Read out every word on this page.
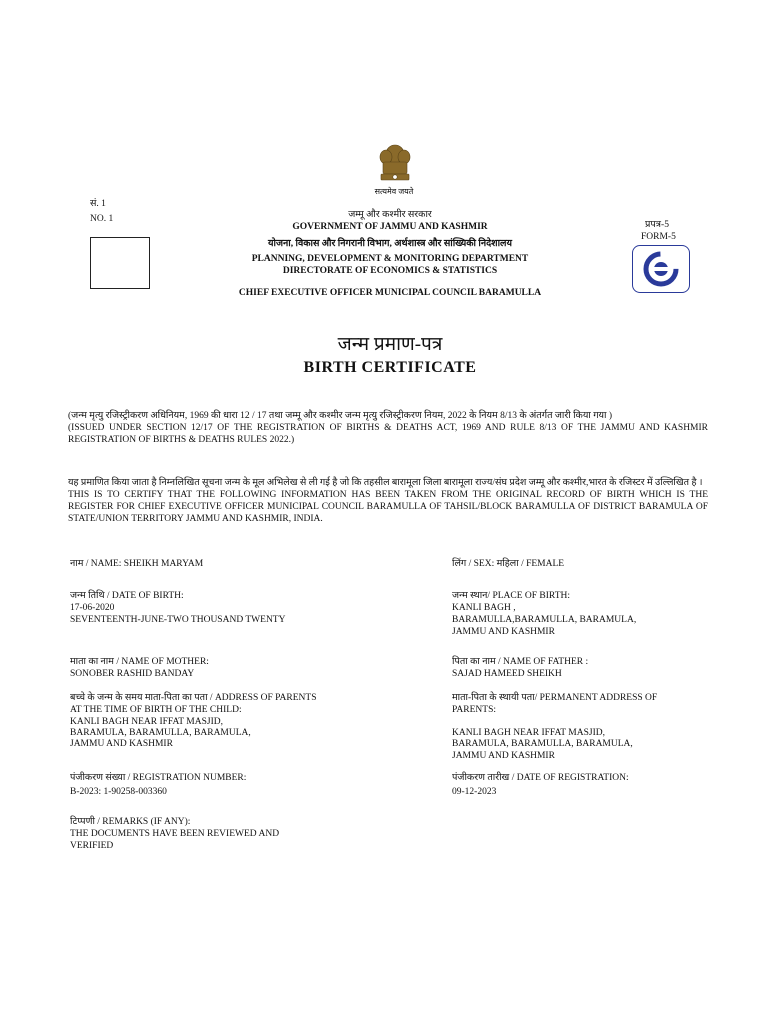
सत्यमेव जयते
सं. 1
NO. 1	जम्मू और कश्मीर सरकार
GOVERNMENT OF JAMMU AND KASHMIR
योजना, विकास और निगरानी विभाग, अर्थशास्त्र और सांख्यिकी निदेशालय
PLANNING, DEVELOPMENT & MONITORING DEPARTMENT
DIRECTORATE OF ECONOMICS & STATISTICS
प्रपत्र-5
FORM-5
CHIEF EXECUTIVE OFFICER MUNICIPAL COUNCIL BARAMULLA
जन्म प्रमाण-पत्र
BIRTH CERTIFICATE
(जन्म मृत्यु रजिस्ट्रीकरण अधिनियम, 1969 की धारा 12 / 17 तथा जम्मू और कश्मीर जन्म मृत्यु रजिस्ट्रीकरण नियम, 2022 के नियम 8/13 के अंतर्गत जारी किया गया )
(ISSUED UNDER SECTION 12/17 OF THE REGISTRATION OF BIRTHS & DEATHS ACT, 1969 AND RULE 8/13 OF THE JAMMU AND KASHMIR REGISTRATION OF BIRTHS & DEATHS RULES 2022.)
यह प्रमाणित किया जाता है निम्नलिखित सूचना जन्म के मूल अभिलेख से ली गई है जो कि तहसील बारामूला जिला बारामूला राज्य/संघ प्रदेश जम्मू और कश्मीर,भारत के रजिस्टर में उल्लिखित है ।
THIS IS TO CERTIFY THAT THE FOLLOWING INFORMATION HAS BEEN TAKEN FROM THE ORIGINAL RECORD OF BIRTH WHICH IS THE REGISTER FOR CHIEF EXECUTIVE OFFICER MUNICIPAL COUNCIL BARAMULLA OF TAHSIL/BLOCK BARAMULLA OF DISTRICT BARAMULA OF STATE/UNION TERRITORY JAMMU AND KASHMIR, INDIA.
नाम / NAME: SHEIKH MARYAM	लिंग / SEX: महिला / FEMALE
जन्म तिथि / DATE OF BIRTH:
17-06-2020
SEVENTEENTH-JUNE-TWO THOUSAND TWENTY
जन्म स्थान/ PLACE OF BIRTH:
KANLI BAGH ,
BARAMULLA,BARAMULLA, BARAMULA,
JAMMU AND KASHMIR
माता का नाम / NAME OF MOTHER:
SONOBER RASHID BANDAY
पिता का नाम / NAME OF FATHER :
SAJAD HAMEED SHEIKH
बच्चे के जन्म के समय माता-पिता का पता / ADDRESS OF PARENTS
AT THE TIME OF BIRTH OF THE CHILD:
KANLI BAGH NEAR IFFAT MASJID,
BARAMULA, BARAMULLA, BARAMULA,
JAMMU AND KASHMIR
माता-पिता के स्थायी पता/ PERMANENT ADDRESS OF
PARENTS:
KANLI BAGH NEAR IFFAT MASJID,
BARAMULA, BARAMULLA, BARAMULA,
JAMMU AND KASHMIR
पंजीकरण संख्या / REGISTRATION NUMBER:
B-2023: 1-90258-003360
पंजीकरण तारीख / DATE OF REGISTRATION:
09-12-2023
टिप्पणी / REMARKS (IF ANY):
THE DOCUMENTS HAVE BEEN REVIEWED AND
VERIFIED
